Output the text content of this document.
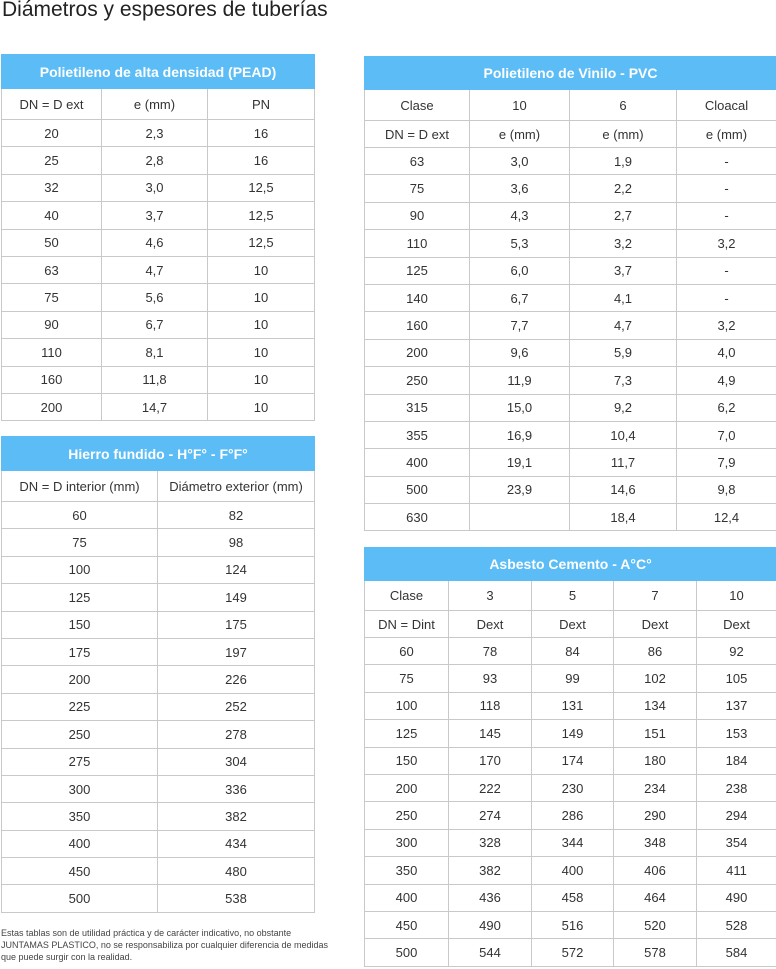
Diámetros y espesores de tuberías
Polietileno de alta densidad (PEAD)		
DN = D ext	e (mm)	PN
20	2,3	16
25	2,8	16
32	3,0	12,5
40	3,7	12,5
50	4,6	12,5
63	4,7	10
75	5,6	10
90	6,7	10
110	8,1	10
160	11,8	10
200	14,7	10
Hierro fundido - H°F° - F°F°	
DN = D interior (mm)	Diámetro exterior (mm)
60	82
75	98
100	124
125	149
150	175
175	197
200	226
225	252
250	278
275	304
300	336
350	382
400	434
450	480
500	538
Polietileno de Vinilo - PVC			
Clase	10	6	Cloacal
DN = D ext	e (mm)	e (mm)	e (mm)
63	3,0	1,9	-
75	3,6	2,2	-
90	4,3	2,7	-
110	5,3	3,2	3,2
125	6,0	3,7	-
140	6,7	4,1	-
160	7,7	4,7	3,2
200	9,6	5,9	4,0
250	11,9	7,3	4,9
315	15,0	9,2	6,2
355	16,9	10,4	7,0
400	19,1	11,7	7,9
500	23,9	14,6	9,8
630		18,4	12,4
Asbesto Cemento - A°C°				
Clase	3	5	7	10
DN = Dint	Dext	Dext	Dext	Dext
60	78	84	86	92
75	93	99	102	105
100	118	131	134	137
125	145	149	151	153
150	170	174	180	184
200	222	230	234	238
250	274	286	290	294
300	328	344	348	354
350	382	400	406	411
400	436	458	464	490
450	490	516	520	528
500	544	572	578	584
Estas tablas son de utilidad práctica y de carácter indicativo, no obstante JUNTAMAS PLASTICO, no se responsabiliza por cualquier diferencia de medidas que puede surgir con la realidad.
